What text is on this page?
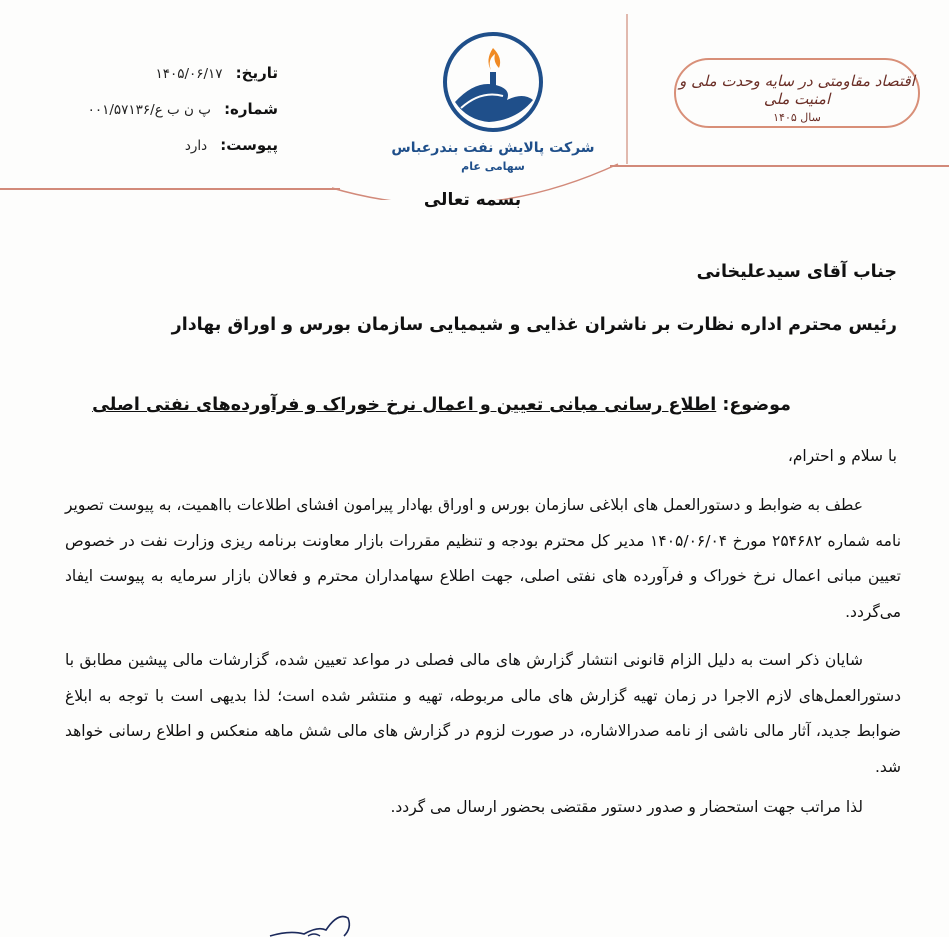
تاریخ: ۱۴۰۵/۰۶/۱۷
شماره: پ ن ب ع/۰۰۱/۵۷۱۳۶
پیوست: دارد	شرکت پالایش نفت بندرعباس
سهامی عام
اقتصاد مقاومتی در سایه وحدت ملی و امنیت ملی
سال ۱۴۰۵
بسمه تعالی
جناب آقای سیدعلیخانی
رئیس محترم اداره نظارت بر ناشران غذایی و شیمیایی سازمان بورس و اوراق بهادار
موضوع: اطلاع رسانی مبانی تعیین و اعمال نرخ خوراک و فرآورده‌های نفتی اصلی
با سلام و احترام،
عطف به ضوابط و دستورالعمل های ابلاغی سازمان بورس و اوراق بهادار پیرامون افشای اطلاعات بااهمیت، به پیوست تصویر نامه شماره ۲۵۴۶۸۲ مورخ ۱۴۰۵/۰۶/۰۴ مدیر کل محترم بودجه و تنظیم مقررات بازار معاونت برنامه ریزی وزارت نفت در خصوص تعیین مبانی اعمال نرخ خوراک و فرآورده های نفتی اصلی، جهت اطلاع سهامداران محترم و فعالان بازار سرمایه به پیوست ایفاد می‌گردد.
شایان ذکر است به دلیل الزام قانونی انتشار گزارش های مالی فصلی در مواعد تعیین شده، گزارشات مالی پیشین مطابق با دستورالعمل‌های لازم الاجرا در زمان تهیه گزارش های مالی مربوطه، تهیه و منتشر شده است؛ لذا بدیهی است با توجه به ابلاغ ضوابط جدید، آثار مالی ناشی از نامه صدرالاشاره، در صورت لزوم در گزارش های مالی شش ماهه منعکس و اطلاع رسانی خواهد شد.
لذا مراتب جهت استحضار و صدور دستور مقتضی بحضور ارسال می گردد.
